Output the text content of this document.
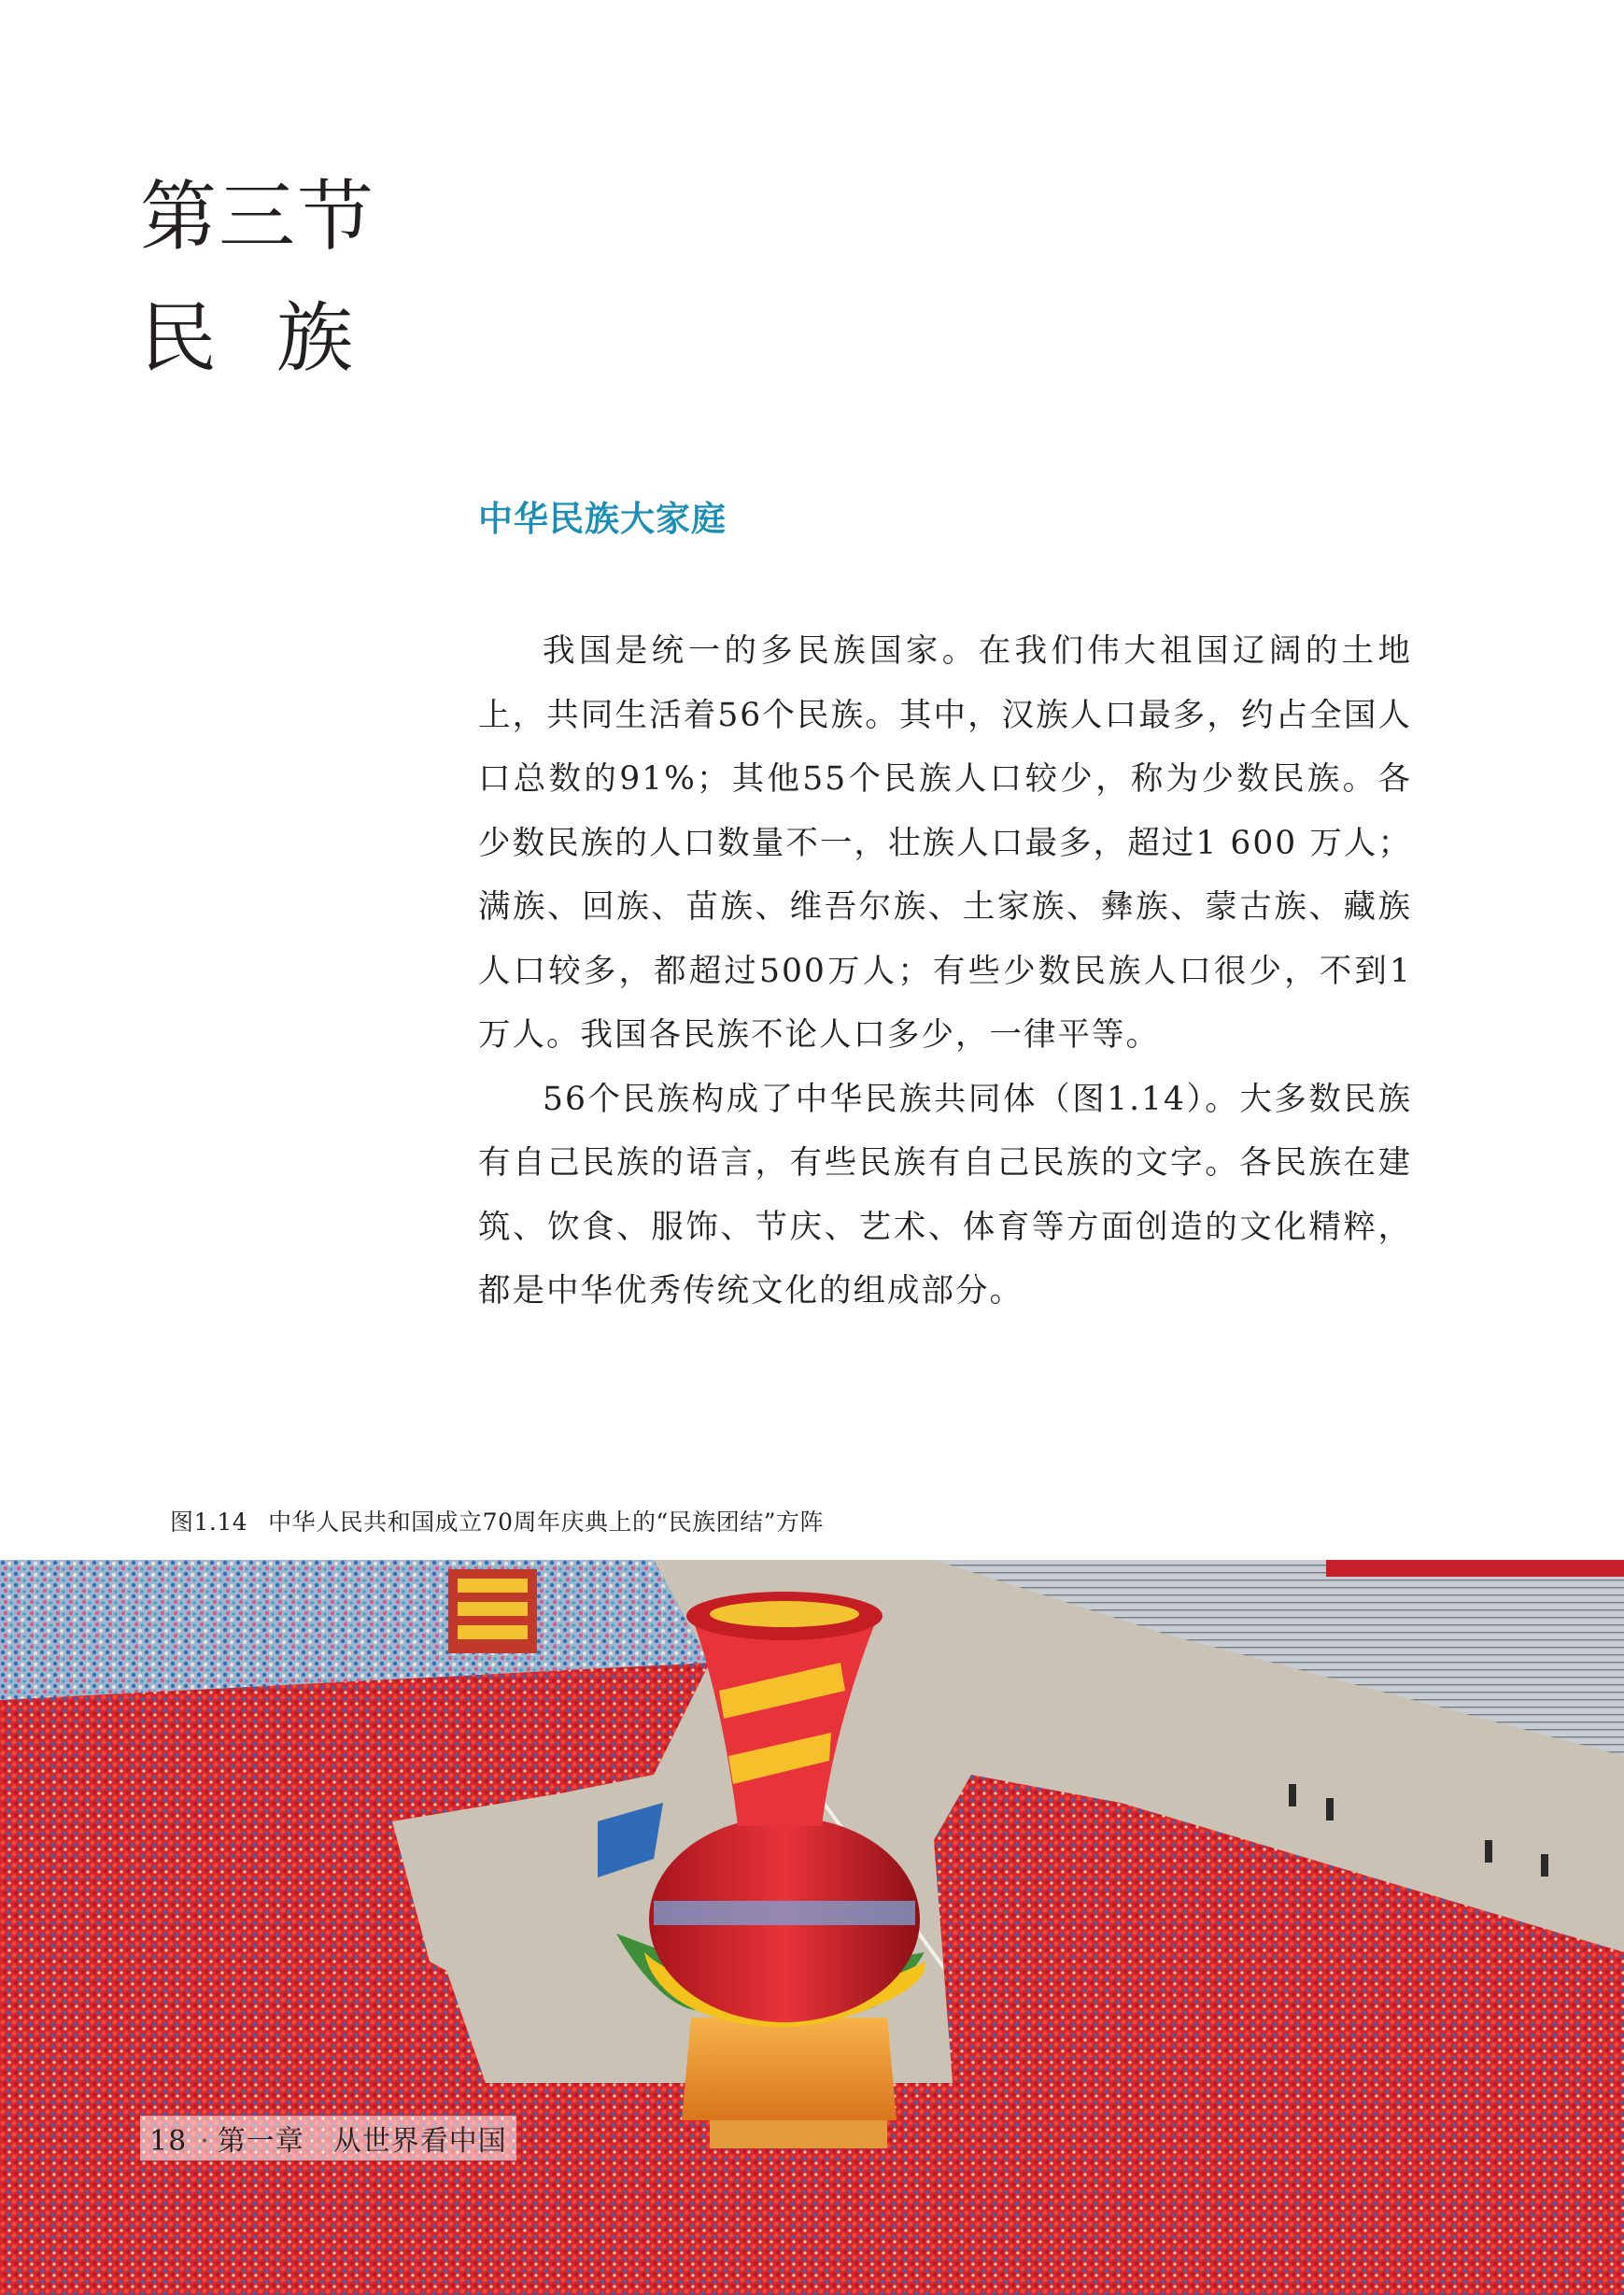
第三节
民族
中华民族大家庭

我国是统一的多民族国家。在我们伟大祖国辽阔的土地上，共同生活着56个民族。其中，汉族人口最多，约占全国人口总数的91%；其他55个民族人口较少，称为少数民族。各少数民族的人口数量不一，壮族人口最多，超过1 600 万人；满族、回族、苗族、维吾尔族、土家族、彝族、蒙古族、藏族人口较多，都超过500万人；有些少数民族人口很少，不到1万人。我国各民族不论人口多少，一律平等。

56个民族构成了中华民族共同体（图1.14）。大多数民族有自己民族的语言，有些民族有自己民族的文字。各民族在建筑、饮食、服饰、节庆、艺术、体育等方面创造的文化精粹，都是中华优秀传统文化的组成部分。

图1.14 中华人民共和国成立70周年庆典上的“民族团结”方阵
18 · 第一章　从世界看中国
